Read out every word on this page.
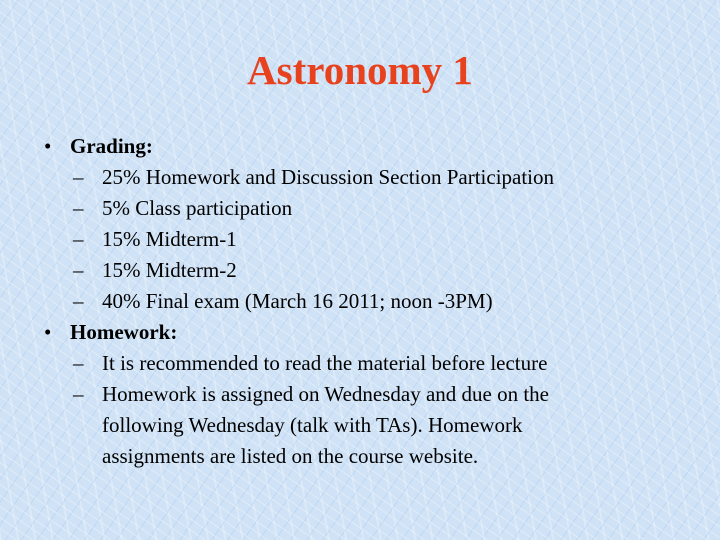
Astronomy 1
• Grading:
– 25% Homework and Discussion Section Participation
– 5% Class participation
– 15% Midterm-1
– 15% Midterm-2
– 40% Final exam (March 16 2011; noon -3PM)
• Homework:
– It is recommended to read the material before lecture
– Homework is assigned on Wednesday and due on the following Wednesday (talk with TAs). Homework assignments are listed on the course website.
